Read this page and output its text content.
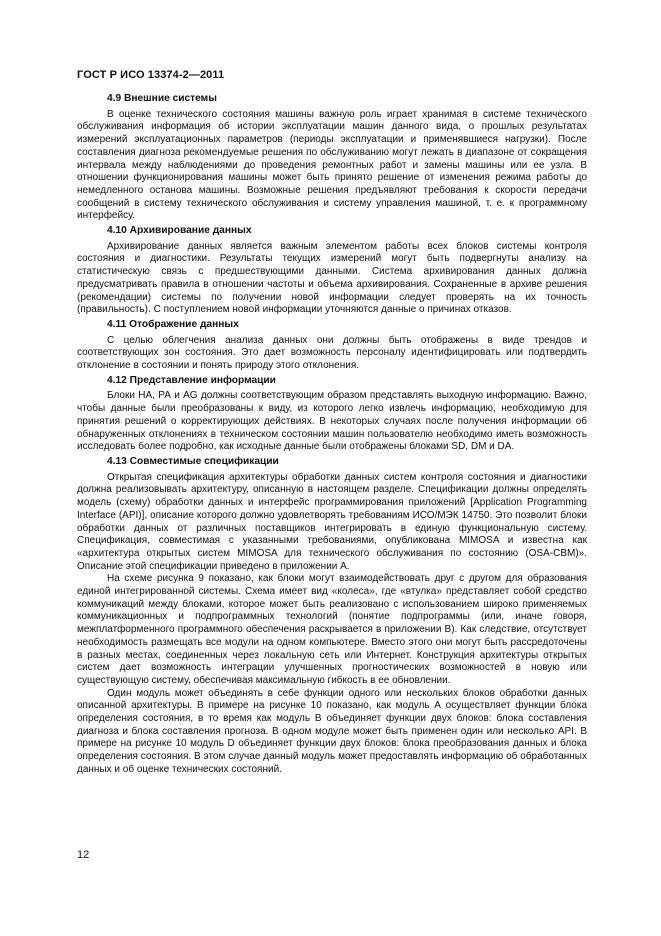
ГОСТ Р ИСО 13374-2—2011
4.9 Внешние системы

В оценке технического состояния машины важную роль играет хранимая в системе технического обслуживания информация об истории эксплуатации машин данного вида, о прошлых результатах измерений эксплуатационных параметров (периоды эксплуатации и применявшиеся нагрузки). После составления диагноза рекомендуемые решения по обслуживанию могут лежать в диапазоне от сокращения интервала между наблюдениями до проведения ремонтных работ и замены машины или ее узла. В отношении функционирования машины может быть принято решение от изменения режима работы до немедленного останова машины. Возможные решения предъявляют требования к скорости передачи сообщений в систему технического обслуживания и систему управления машиной, т. е. к программному интерфейсу.

4.10 Архивирование данных

Архивирование данных является важным элементом работы всех блоков системы контроля состояния и диагностики. Результаты текущих измерений могут быть подвергнуты анализу на статистическую связь с предшествующими данными. Система архивирования данных должна предусматривать правила в отношении частоты и объема архивирования. Сохраненные в архиве решения (рекомендации) системы по получении новой информации следует проверять на их точность (правильность). С поступлением новой информации уточняются данные о причинах отказов.

4.11 Отображение данных

С целью облегчения анализа данных они должны быть отображены в виде трендов и соответствующих зон состояния. Это дает возможность персоналу идентифицировать или подтвердить отклонение в состоянии и понять природу этого отклонения.

4.12 Представление информации

Блоки НА, РА и AG должны соответствующим образом представлять выходную информацию. Важно, чтобы данные были преобразованы к виду, из которого легко извлечь информацию, необходимую для принятия решений о корректирующих действиях. В некоторых случаях после получения информации об обнаруженных отклонениях в техническом состоянии машин пользователю необходимо иметь возможность исследовать более подробно, как исходные данные были отображены блоками SD, DM и DA.

4.13 Совместимые спецификации

Открытая спецификация архитектуры обработки данных систем контроля состояния и диагностики должна реализовывать архитектуру, описанную в настоящем разделе. Спецификации должны определять модель (схему) обработки данных и интерфейс программирования приложений [Application Programming Interface (API)], описание которого должно удовлетворять требованиям ИСО/МЭК 14750. Это позволит блоки обработки данных от различных поставщиков интегрировать в единую функциональную систему. Спецификация, совместимая с указанными требованиями, опубликована MIMOSA и известна как «архитектура открытых систем MIMOSA для технического обслуживания по состоянию (OSA-CBM)». Описание этой спецификации приведено в приложении А.

На схеме рисунка 9 показано, как блоки могут взаимодействовать друг с другом для образования единой интегрированной системы. Схема имеет вид «колеса», где «втулка» представляет собой средство коммуникаций между блоками, которое может быть реализовано с использованием широко применяемых коммуникационных и подпрограммных технологий (понятие подпрограммы (или, иначе говоря, межплатформенного программного обеспечения раскрывается в приложении В). Как следствие, отсутствует необходимость размещать все модули на одном компьютере. Вместо этого они могут быть рассредоточены в разных местах, соединенных через локальную сеть или Интернет. Конструкция архитектуры открытых систем дает возможность интеграции улучшенных прогностических возможностей в новую или существующую систему, обеспечивая максимальную гибкость в ее обновлении.

Один модуль может объединять в себе функции одного или нескольких блоков обработки данных описанной архитектуры. В примере на рисунке 10 показано, как модуль А осуществляет функции блока определения состояния, в то время как модуль В объединяет функции двух блоков: блока составления диагноза и блока составления прогноза. В одном модуле может быть применен один или несколько API. В примере на рисунке 10 модуль D объединяет функции двух блоков: блока преобразования данных и блока определения состояния. В этом случае данный модуль может предоставлять информацию об обработанных данных и об оценке технических состояний.

12
